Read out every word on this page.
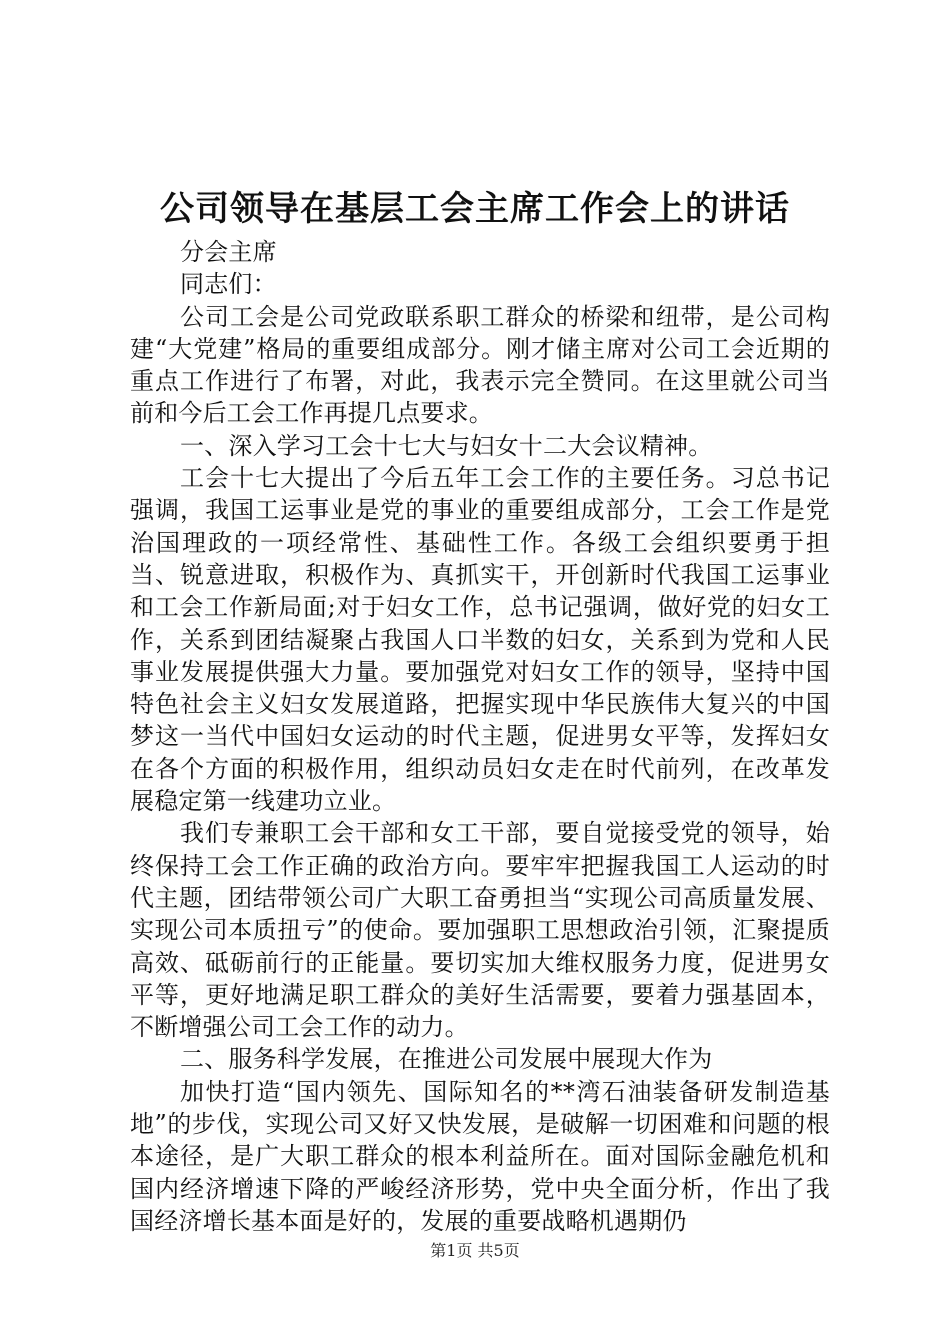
公司领导在基层工会主席工作会上的讲话

分会主席

同志们：

公司工会是公司党政联系职工群众的桥梁和纽带，是公司构建“大党建”格局的重要组成部分。刚才储主席对公司工会近期的重点工作进行了布署，对此，我表示完全赞同。在这里就公司当前和今后工会工作再提几点要求。

一、深入学习工会十七大与妇女十二大会议精神。

工会十七大提出了今后五年工会工作的主要任务。习总书记强调，我国工运事业是党的事业的重要组成部分，工会工作是党治国理政的一项经常性、基础性工作。各级工会组织要勇于担当、锐意进取，积极作为、真抓实干，开创新时代我国工运事业和工会工作新局面;对于妇女工作，总书记强调，做好党的妇女工作，关系到团结凝聚占我国人口半数的妇女，关系到为党和人民事业发展提供强大力量。要加强党对妇女工作的领导，坚持中国特色社会主义妇女发展道路，把握实现中华民族伟大复兴的中国梦这一当代中国妇女运动的时代主题，促进男女平等，发挥妇女在各个方面的积极作用，组织动员妇女走在时代前列，在改革发展稳定第一线建功立业。

我们专兼职工会干部和女工干部，要自觉接受党的领导，始终保持工会工作正确的政治方向。要牢牢把握我国工人运动的时代主题，团结带领公司广大职工奋勇担当“实现公司高质量发展、实现公司本质扭亏”的使命。要加强职工思想政治引领，汇聚提质高效、砥砺前行的正能量。要切实加大维权服务力度，促进男女平等，更好地满足职工群众的美好生活需要，要着力强基固本，不断增强公司工会工作的动力。

二、服务科学发展，在推进公司发展中展现大作为

加快打造“国内领先、国际知名的**湾石油装备研发制造基地”的步伐，实现公司又好又快发展，是破解一切困难和问题的根本途径，是广大职工群众的根本利益所在。面对国际金融危机和国内经济增速下降的严峻经济形势，党中央全面分析，作出了我国经济增长基本面是好的，发展的重要战略机遇期仍

第1页 共5页
